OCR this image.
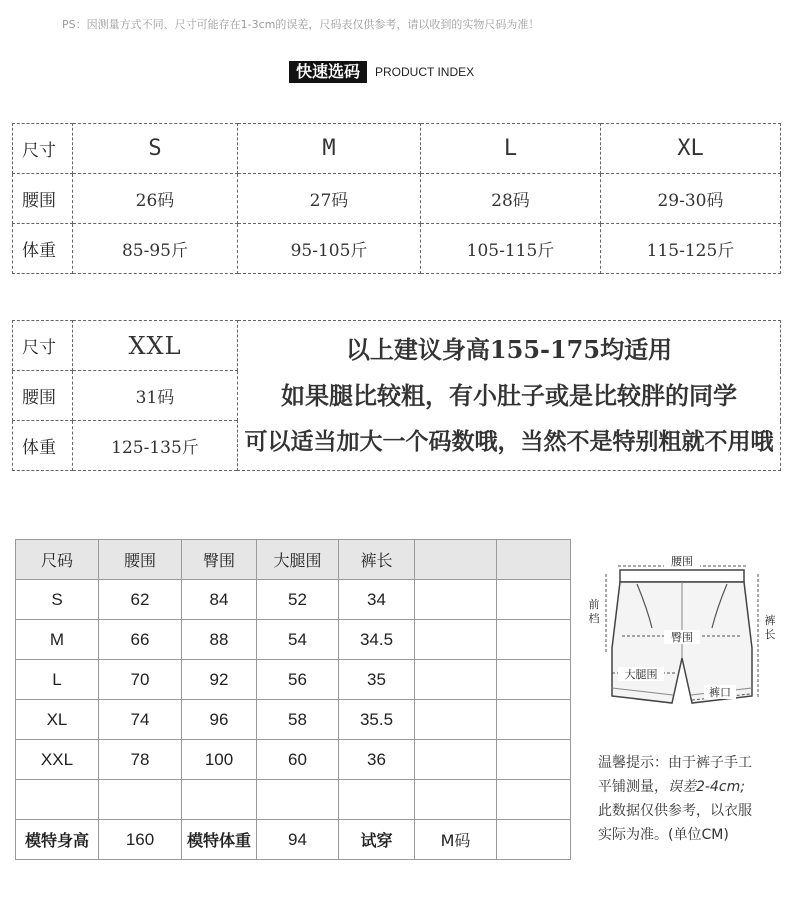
PS：因测量方式不同、尺寸可能存在1-3cm的误差，尺码表仅供参考，请以收到的实物尺码为准！
快速选码	PRODUCT INDEX
尺寸	S	M	L	XL
腰围	26码	27码	28码	29-30码
体重	85-95斤	95-105斤	105-115斤	115-125斤
尺寸	XXL	以上建议身高155-175均适用
如果腿比较粗，有小肚子或是比较胖的同学
可以适当加大一个码数哦，当然不是特别粗就不用哦

腰围	31码	
体重	125-135斤	
尺码	腰围	臀围	大腿围	裤长		
S	62	84	52	34		
M	66	88	54	34.5		
L	70	92	56	35		
XL	74	96	58	35.5		
XXL	78	100	60	36		

模特身高	160	模特体重	94	试穿	M码	
腰围
前
档	裤
长
臀围
大腿围
裤口
温馨提示：由于裤子手工
平铺测量，误差2-4cm;
此数据仅供参考，以衣服
实际为准。(单位CM)
